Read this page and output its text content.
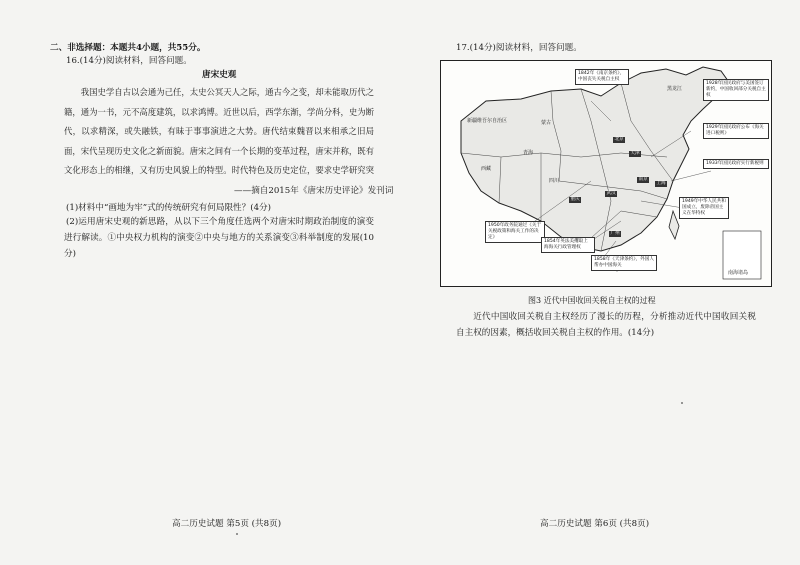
二、非选择题：本题共4小题，共55分。
16.(14分)阅读材料，回答问题。
唐宋史观
我国史学自古以会通为己任，太史公冥天人之际，通古今之变，却未能取历代之籍，通为一书，元不高度建筑，以求鸿博。近世以后，西学东渐，学尚分科，史为断代，以求精深，或失融铁，有昧于事事演进之大势。唐代结束魏晋以来相承之旧局面，宋代呈现历史文化之新面貌。唐宋之间有一个长期的变革过程，唐宋并称，既有文化形态上的相继，又有历史风貌上的特型。时代特色及历史定位，要求史学研究突
——摘自2015年《唐宋历史评论》发刊词
(1)材料中“画地为牢”式的传统研究有何局限性？(4分)
(2)运用唐宋史观的新思路，从以下三个角度任选两个对唐宋时期政治制度的演变进行解读。①中央权力机构的演变②中央与地方的关系演变③科举制度的发展(10分)
高二历史试题 第5页 (共8页)
17.(14分)阅读材料，回答问题。
新疆维吾尔自治区
西藏
蒙古
青海
四川
黑龙江
南海诸岛
北京
天津
上海
南京
重庆
武汉
广州
1842年《南京条约》，中国丧失关税自主权
1928年国民政府与美国签订新约，中国收回部分关税自主权
1929年国民政府公布《海关进口税则》
1933年国民政府实行新税则
1949年中华人民共和国成立，废除帝国主义在华特权
1950年政务院通过《关于关税政策和海关工作的决定》
1854年英法美攫取上海海关行政管理权
1858年《天津条约》，外国人帮办中国海关
图3 近代中国收回关税自主权的过程
近代中国收回关税自主权经历了漫长的历程，分析推动近代中国收回关税自主权的因素，概括收回关税自主权的作用。(14分)
高二历史试题 第6页 (共8页)
